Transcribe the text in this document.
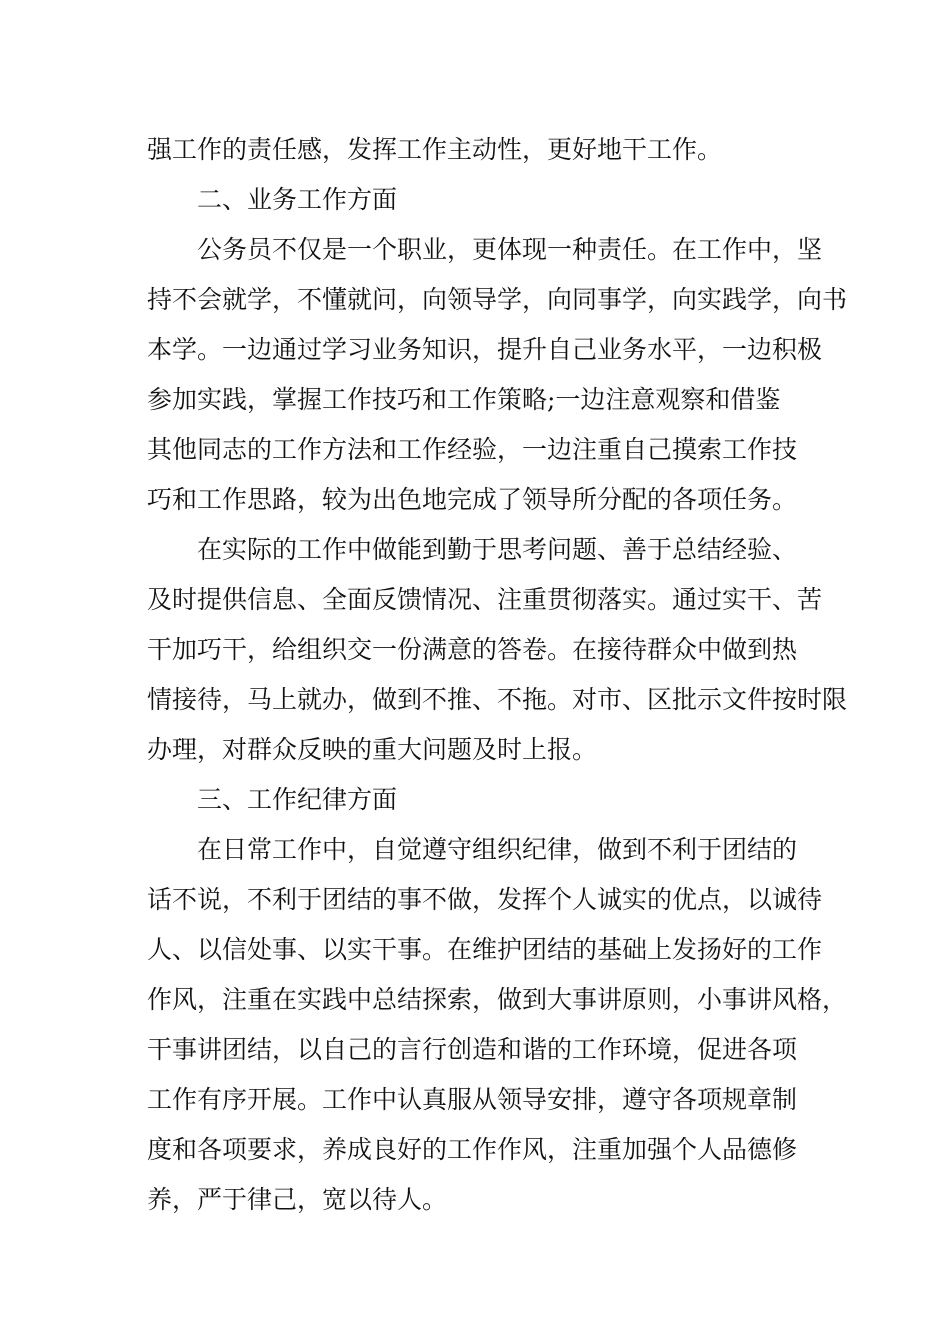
强工作的责任感，发挥工作主动性，更好地干工作。
二、业务工作方面
公务员不仅是一个职业，更体现一种责任。在工作中，坚
持不会就学，不懂就问，向领导学，向同事学，向实践学，向书
本学。一边通过学习业务知识，提升自己业务水平，一边积极
参加实践，掌握工作技巧和工作策略;一边注意观察和借鉴
其他同志的工作方法和工作经验，一边注重自己摸索工作技
巧和工作思路，较为出色地完成了领导所分配的各项任务。
在实际的工作中做能到勤于思考问题、善于总结经验、
及时提供信息、全面反馈情况、注重贯彻落实。通过实干、苦
干加巧干，给组织交一份满意的答卷。在接待群众中做到热
情接待，马上就办，做到不推、不拖。对市、区批示文件按时限
办理，对群众反映的重大问题及时上报。
三、工作纪律方面
在日常工作中，自觉遵守组织纪律，做到不利于团结的
话不说，不利于团结的事不做，发挥个人诚实的优点，以诚待
人、以信处事、以实干事。在维护团结的基础上发扬好的工作
作风，注重在实践中总结探索，做到大事讲原则，小事讲风格，
干事讲团结，以自己的言行创造和谐的工作环境，促进各项
工作有序开展。工作中认真服从领导安排，遵守各项规章制
度和各项要求，养成良好的工作作风，注重加强个人品德修
养，严于律己，宽以待人。
